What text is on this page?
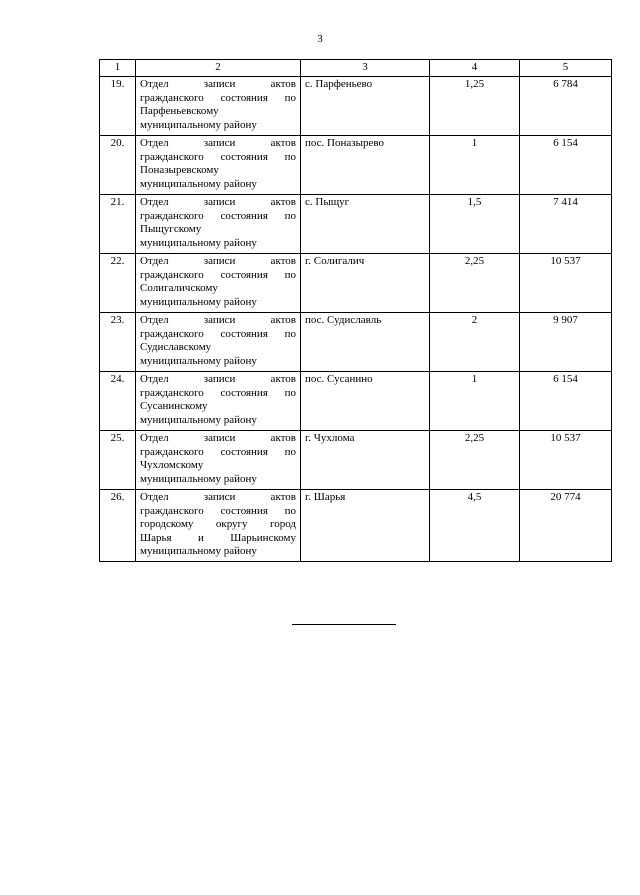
3
1	2	3	4	5
19.	Отдел записи актов
гражданского состояния по
Парфеньевскому
муниципальному району	с. Парфеньево	1,25	6 784
20.	Отдел записи актов
гражданского состояния по
Поназыревскому
муниципальному району	пос. Поназырево	1	6 154
21.	Отдел записи актов
гражданского состояния по
Пыщугскому
муниципальному району	с. Пыщуг	1,5	7 414
22.	Отдел записи актов
гражданского состояния по
Солигаличскому
муниципальному району	г. Солигалич	2,25	10 537
23.	Отдел записи актов
гражданского состояния по
Судиславскому
муниципальному району	пос. Судиславль	2	9 907
24.	Отдел записи актов
гражданского состояния по
Сусанинскому
муниципальному району	пос. Сусанино	1	6 154
25.	Отдел записи актов
гражданского состояния по
Чухломскому
муниципальному району	г. Чухлома	2,25	10 537
26.	Отдел записи актов
гражданского состояния по
городскому округу город
Шарья и Шарьинскому
муниципальному району	г. Шарья	4,5	20 774
